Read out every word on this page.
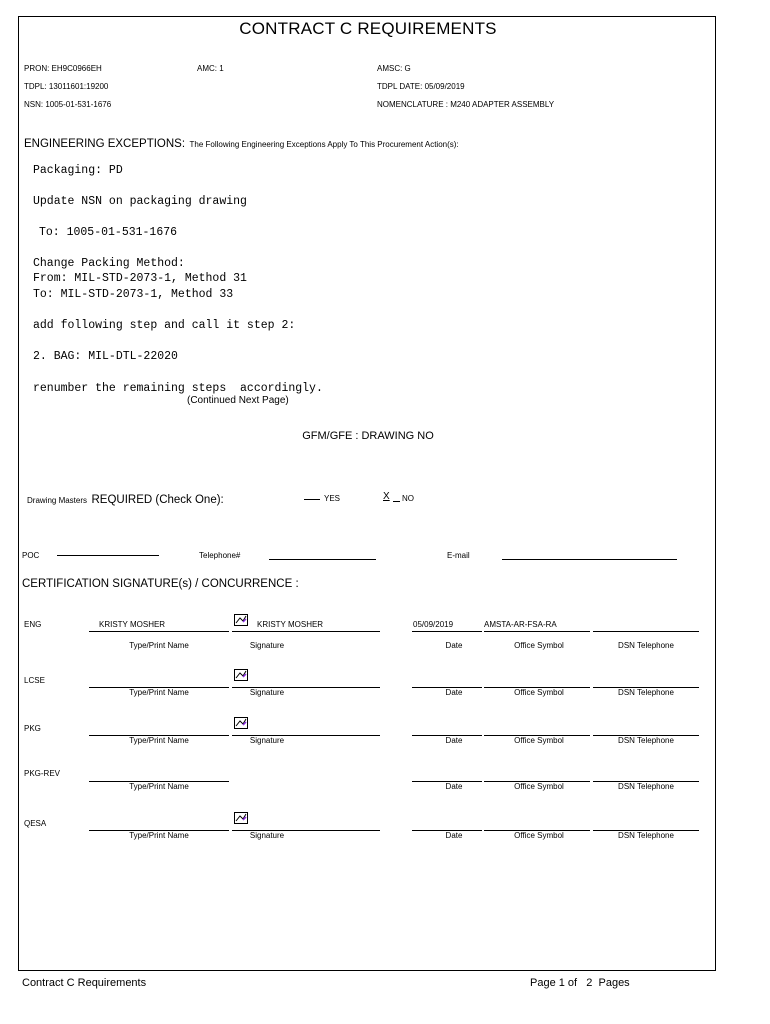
CONTRACT C REQUIREMENTS
PRON: EH9C0966EH	AMC: 1	AMSC: G
TDPL: 13011601:19200	TDPL DATE: 05/09/2019
NSN: 1005-01-531-1676	NOMENCLATURE : M240 ADAPTER ASSEMBLY
ENGINEERING EXCEPTIONS: The Following Engineering Exceptions Apply To This Procurement Action(s):
Packaging: PD
Update NSN on packaging drawing
To: 1005-01-531-1676
Change Packing Method:
From: MIL-STD-2073-1, Method 31
To: MIL-STD-2073-1, Method 33
add following step and call it step 2:
2. BAG: MIL-DTL-22020
renumber the remaining steps  accordingly.
(Continued Next Page)
GFM/GFE : DRAWING NO
Drawing Masters REQUIRED (Check One):	YES	X NO
POC	Telephone#	E-mail
CERTIFICATION SIGNATURE(s) / CONCURRENCE :
ENG	KRISTY MOSHER	KRISTY MOSHER	05/09/2019	AMSTA-AR-FSA-RA
Type/Print Name	Signature	Date	Office Symbol	DSN Telephone
LCSE
Type/Print Name	Signature	Date	Office Symbol	DSN Telephone
PKG
Type/Print Name	Signature	Date	Office Symbol	DSN Telephone
PKG-REV
Type/Print Name	Date	Office Symbol	DSN Telephone
QESA
Type/Print Name	Signature	Date	Office Symbol	DSN Telephone
Contract C Requirements	Page 1 of   2  Pages
